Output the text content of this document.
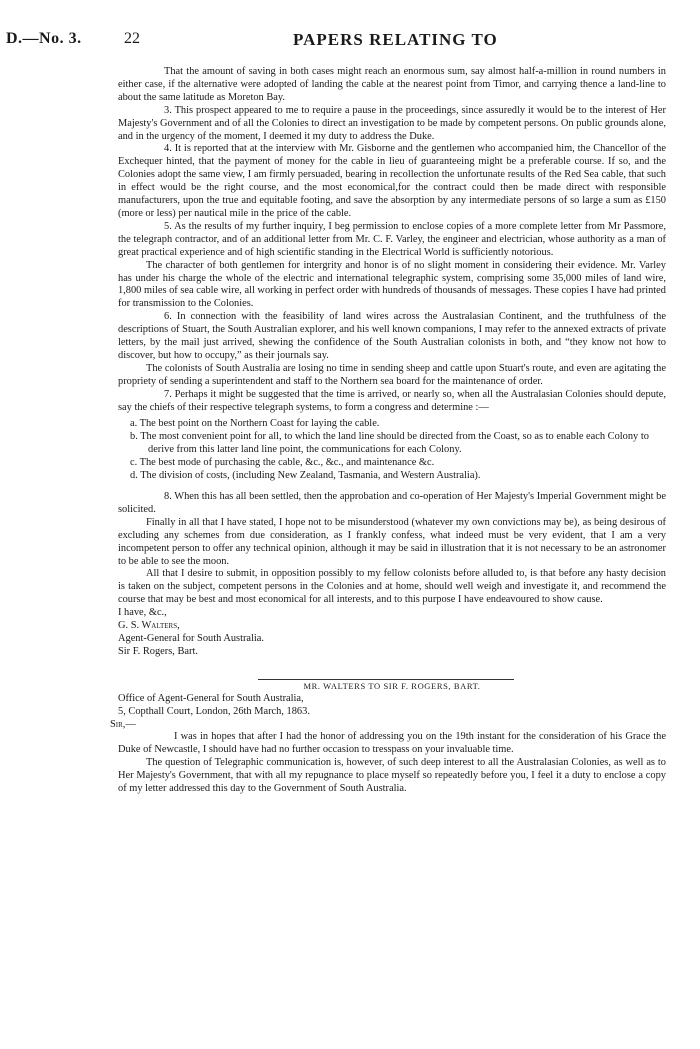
D.—No. 3.	22	PAPERS RELATING TO

That the amount of saving in both cases might reach an enormous sum, say almost half-a-million in round numbers in either case, if the alternative were adopted of landing the cable at the nearest point from Timor, and carrying thence a land-line to about the same latitude as Moreton Bay.

3. This prospect appeared to me to require a pause in the proceedings, since assuredly it would be to the interest of Her Majesty's Government and of all the Colonies to direct an investigation to be made by competent persons. On public grounds alone, and in the urgency of the moment, I deemed it my duty to address the Duke.

4. It is reported that at the interview with Mr. Gisborne and the gentlemen who accompanied him, the Chancellor of the Exchequer hinted, that the payment of money for the cable in lieu of guaranteeing might be a preferable course. If so, and the Colonies adopt the same view, I am firmly persuaded, bearing in recollection the unfortunate results of the Red Sea cable, that such in effect would be the right course, and the most economical,for the contract could then be made direct with responsible manufacturers, upon the true and equitable footing, and save the absorption by any intermediate persons of so large a sum as £150 (more or less) per nautical mile in the price of the cable.

5. As the results of my further inquiry, I beg permission to enclose copies of a more complete letter from Mr Passmore, the telegraph contractor, and of an additional letter from Mr. C. F. Varley, the engineer and electrician, whose authority as a man of great practical experience and of high scientific standing in the Electrical World is sufficiently notorious.

The character of both gentlemen for intergrity and honor is of no slight moment in considering their evidence. Mr. Varley has under his charge the whole of the electric and international telegraphic system, comprising some 35,000 miles of land wire, 1,800 miles of sea cable wire, all working in perfect order with hundreds of thousands of messages. These copies I have had printed for transmission to the Colonies.

6. In connection with the feasibility of land wires across the Australasian Continent, and the truthfulness of the descriptions of Stuart, the South Australian explorer, and his well known companions, I may refer to the annexed extracts of private letters, by the mail just arrived, shewing the confidence of the South Australian colonists in both, and “they know not how to discover, but how to occupy,” as their journals say.

The colonists of South Australia are losing no time in sending sheep and cattle upon Stuart's route, and even are agitating the propriety of sending a superintendent and staff to the Northern sea board for the maintenance of order.

7. Perhaps it might be suggested that the time is arrived, or nearly so, when all the Australasian Colonies should depute, say the chiefs of their respective telegraph systems, to form a congress and determine :—

a. The best point on the Northern Coast for laying the cable.

b. The most convenient point for all, to which the land line should be directed from the Coast, so as to enable each Colony to derive from this latter land line point, the communications for each Colony.

c. The best mode of purchasing the cable, &c., &c., and maintenance &c.

d. The division of costs, (including New Zealand, Tasmania, and Western Australia).

8. When this has all been settled, then the approbation and co-operation of Her Majesty's Imperial Government might be solicited.

Finally in all that I have stated, I hope not to be misunderstood (whatever my own convictions may be), as being desirous of excluding any schemes from due consideration, as I frankly confess, what indeed must be very evident, that I am a very incompetent person to offer any technical opinion, although it may be said in illustration that it is not necessary to be an astronomer to be able to see the moon.

All that I desire to submit, in opposition possibly to my fellow colonists before alluded to, is that before any hasty decision is taken on the subject, competent persons in the Colonies and at home, should well weigh and investigate it, and recommend the course that may be best and most economical for all interests, and to this purpose I have endeavoured to show cause.

I have, &c.,

G. S. Walters,

Agent-General for South Australia.

Sir F. Rogers, Bart.

MR. WALTERS TO SIR F. ROGERS, BART.

Office of Agent-General for South Australia,

5, Copthall Court, London, 26th March, 1863.

Sir,—

I was in hopes that after I had the honor of addressing you on the 19th instant for the consideration of his Grace the Duke of Newcastle, I should have had no further occasion to tresspass on your invaluable time.

The question of Telegraphic communication is, however, of such deep interest to all the Australasian Colonies, as well as to Her Majesty's Government, that with all my repugnance to place myself so repeatedly before you, I feel it a duty to enclose a copy of my letter addressed this day to the Government of South Australia.
